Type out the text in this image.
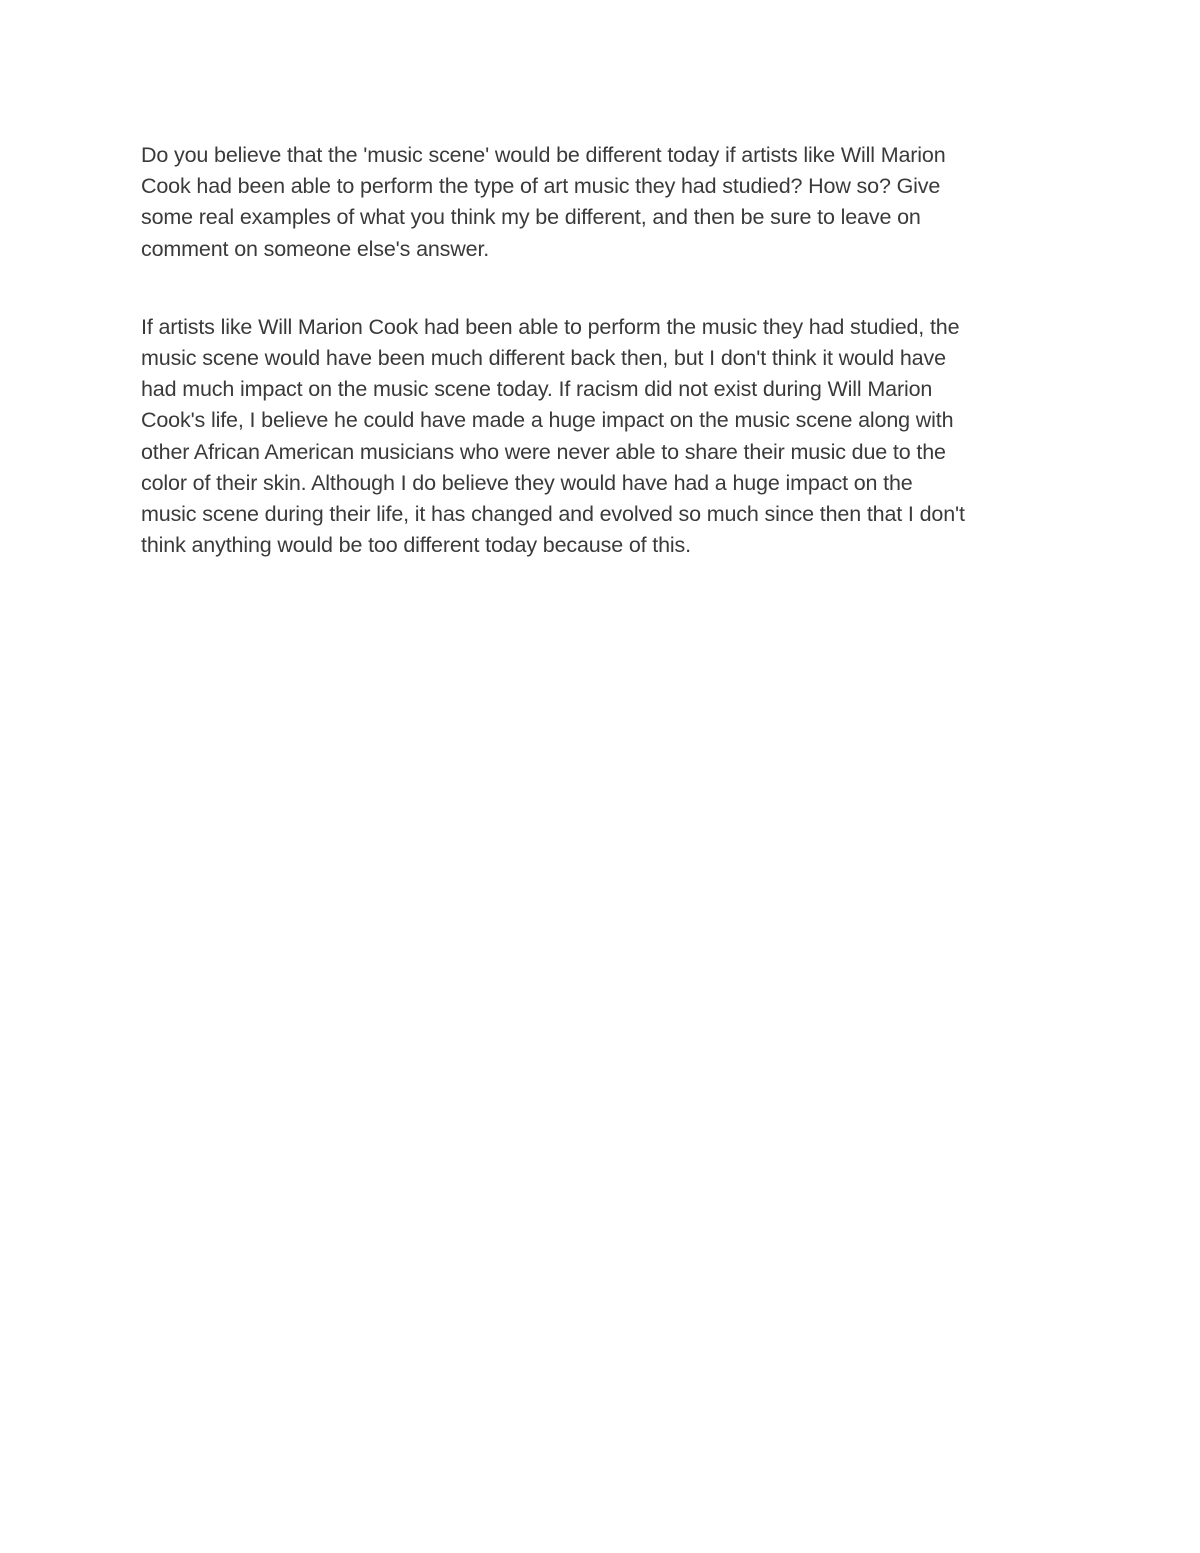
Do you believe that the 'music scene' would be different today if artists like Will Marion
Cook had been able to perform the type of art music they had studied? How so? Give
some real examples of what you think my be different, and then be sure to leave on
comment on someone else's answer.

If artists like Will Marion Cook had been able to perform the music they had studied, the
music scene would have been much different back then, but I don't think it would have
had much impact on the music scene today. If racism did not exist during Will Marion
Cook's life, I believe he could have made a huge impact on the music scene along with
other African American musicians who were never able to share their music due to the
color of their skin. Although I do believe they would have had a huge impact on the
music scene during their life, it has changed and evolved so much since then that I don't
think anything would be too different today because of this.
